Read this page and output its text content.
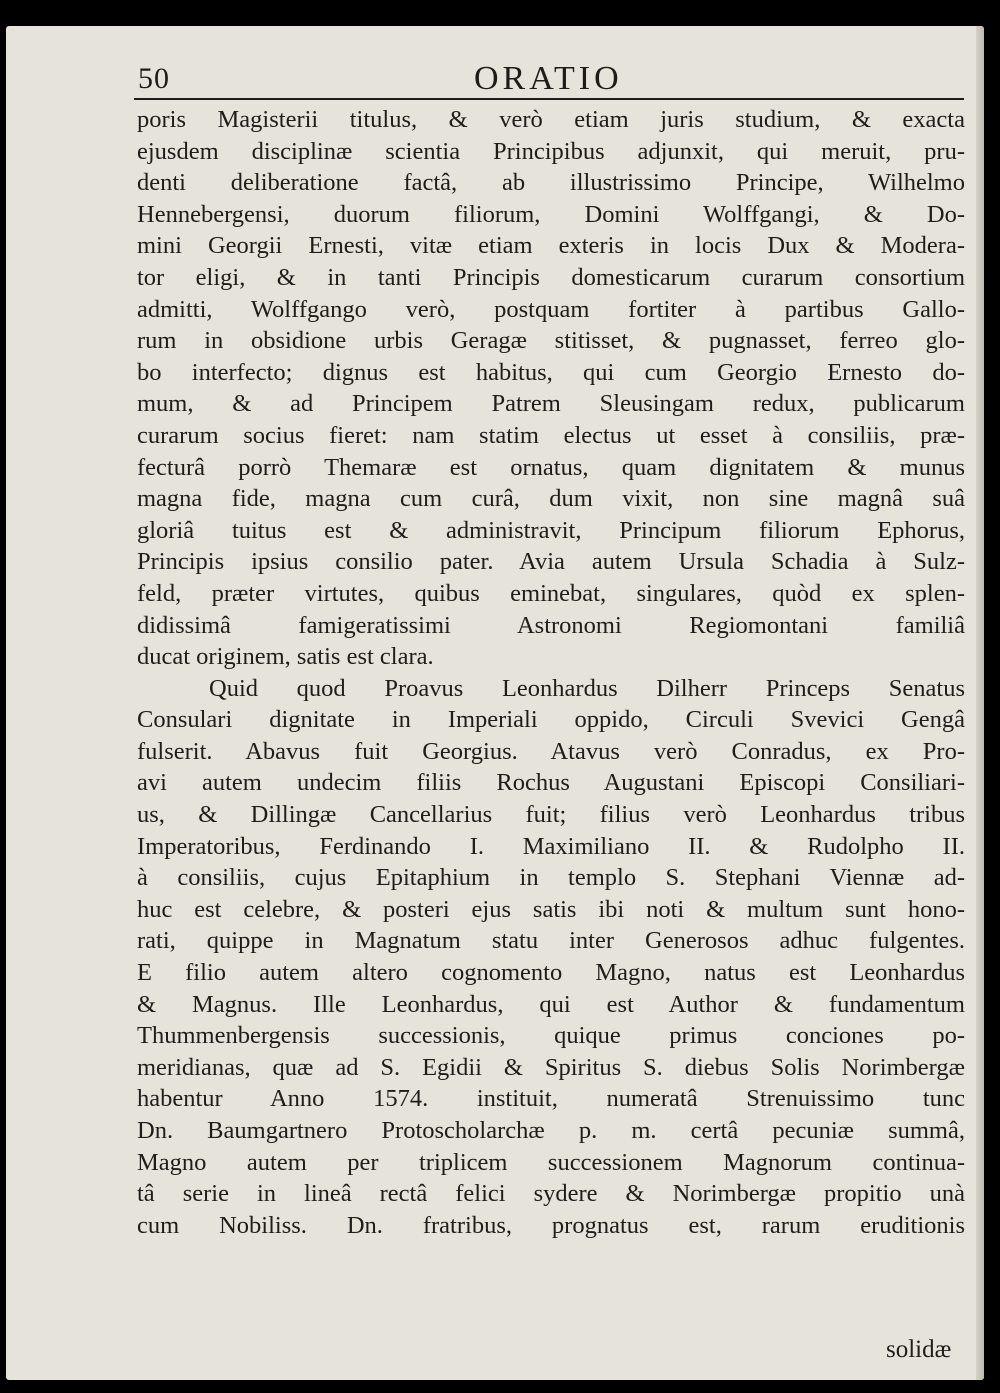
50	ORATIO
poris Magisterii titulus, & verò etiam juris studium, & exacta
ejusdem disciplinæ scientia Principibus adjunxit, qui meruit, pru-
denti deliberatione factâ, ab illustrissimo Principe, Wilhelmo
Hennebergensi, duorum filiorum, Domini Wolffgangi, & Do-
mini Georgii Ernesti, vitæ etiam exteris in locis Dux & Modera-
tor eligi, & in tanti Principis domesticarum curarum consortium
admitti, Wolffgango verò, postquam fortiter à partibus Gallo-
rum in obsidione urbis Geragæ stitisset, & pugnasset, ferreo glo-
bo interfecto; dignus est habitus, qui cum Georgio Ernesto do-
mum, & ad Principem Patrem Sleusingam redux, publicarum
curarum socius fieret: nam statim electus ut esset à consiliis, præ-
fecturâ porrò Themaræ est ornatus, quam dignitatem & munus
magna fide, magna cum curâ, dum vixit, non sine magnâ suâ
gloriâ tuitus est & administravit, Principum filiorum Ephorus,
Principis ipsius consilio pater. Avia autem Ursula Schadia à Sulz-
feld, præter virtutes, quibus eminebat, singulares, quòd ex splen-
didissimâ famigeratissimi Astronomi Regiomontani familiâ
ducat originem, satis est clara.
Quid quod Proavus Leonhardus Dilherr Princeps Senatus
Consulari dignitate in Imperiali oppido, Circuli Svevici Gengâ
fulserit. Abavus fuit Georgius. Atavus verò Conradus, ex Pro-
avi autem undecim filiis Rochus Augustani Episcopi Consiliari-
us, & Dillingæ Cancellarius fuit; filius verò Leonhardus tribus
Imperatoribus, Ferdinando I. Maximiliano II. & Rudolpho II.
à consiliis, cujus Epitaphium in templo S. Stephani Viennæ ad-
huc est celebre, & posteri ejus satis ibi noti & multum sunt hono-
rati, quippe in Magnatum statu inter Generosos adhuc fulgentes.
E filio autem altero cognomento Magno, natus est Leonhardus
& Magnus. Ille Leonhardus, qui est Author & fundamentum
Thummenbergensis successionis, quique primus conciones po-
meridianas, quæ ad S. Egidii & Spiritus S. diebus Solis Norimbergæ
habentur Anno 1574. instituit, numeratâ Strenuissimo tunc
Dn. Baumgartnero Protoscholarchæ p. m. certâ pecuniæ summâ,
Magno autem per triplicem successionem Magnorum continua-
tâ serie in lineâ rectâ felici sydere & Norimbergæ propitio unà
cum Nobiliss. Dn. fratribus, prognatus est, rarum eruditionis
solidæ
